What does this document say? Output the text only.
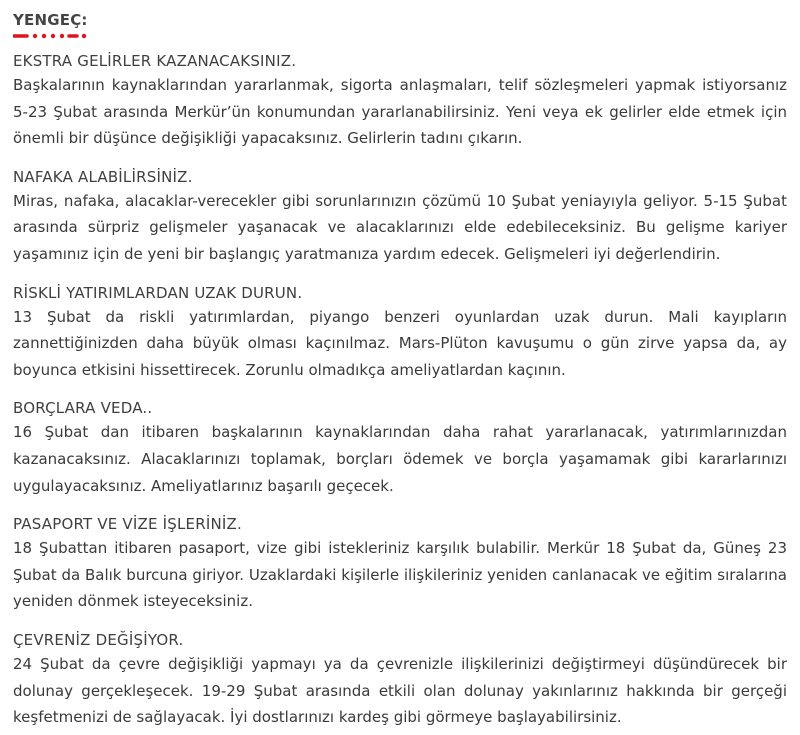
YENGEÇ:
EKSTRA GELİRLER KAZANACAKSINIZ.

Başkalarının kaynaklarından yararlanmak, sigorta anlaşmaları, telif sözleşmeleri yapmak istiyorsanız 5-23 Şubat arasında Merkür’ün konumundan yararlanabilirsiniz. Yeni veya ek gelirler elde etmek için önemli bir düşünce değişikliği yapacaksınız. Gelirlerin tadını çıkarın.

NAFAKA ALABİLİRSİNİZ.

Miras, nafaka, alacaklar-verecekler gibi sorunlarınızın çözümü 10 Şubat yeniayıyla geliyor. 5-15 Şubat arasında sürpriz gelişmeler yaşanacak ve alacaklarınızı elde edebileceksiniz. Bu gelişme kariyer yaşamınız için de yeni bir başlangıç yaratmanıza yardım edecek. Gelişmeleri iyi değerlendirin.

RİSKLİ YATIRIMLARDAN UZAK DURUN.

13 Şubat da riskli yatırımlardan, piyango benzeri oyunlardan uzak durun. Mali kayıpların zannettiğinizden daha büyük olması kaçınılmaz. Mars-Plüton kavuşumu o gün zirve yapsa da, ay boyunca etkisini hissettirecek. Zorunlu olmadıkça ameliyatlardan kaçının.

BORÇLARA VEDA..

16 Şubat dan itibaren başkalarının kaynaklarından daha rahat yararlanacak, yatırımlarınızdan kazanacaksınız. Alacaklarınızı toplamak, borçları ödemek ve borçla yaşamamak gibi kararlarınızı uygulayacaksınız. Ameliyatlarınız başarılı geçecek.

PASAPORT VE VİZE İŞLERİNİZ.

18 Şubattan itibaren pasaport, vize gibi istekleriniz karşılık bulabilir. Merkür 18 Şubat da, Güneş 23 Şubat da Balık burcuna giriyor. Uzaklardaki kişilerle ilişkileriniz yeniden canlanacak ve eğitim sıralarına yeniden dönmek isteyeceksiniz.

ÇEVRENİZ DEĞİŞİYOR.

24 Şubat da çevre değişikliği yapmayı ya da çevrenizle ilişkilerinizi değiştirmeyi düşündürecek bir dolunay gerçekleşecek. 19-29 Şubat arasında etkili olan dolunay yakınlarınız hakkında bir gerçeği keşfetmenizi de sağlayacak. İyi dostlarınızı kardeş gibi görmeye başlayabilirsiniz.
